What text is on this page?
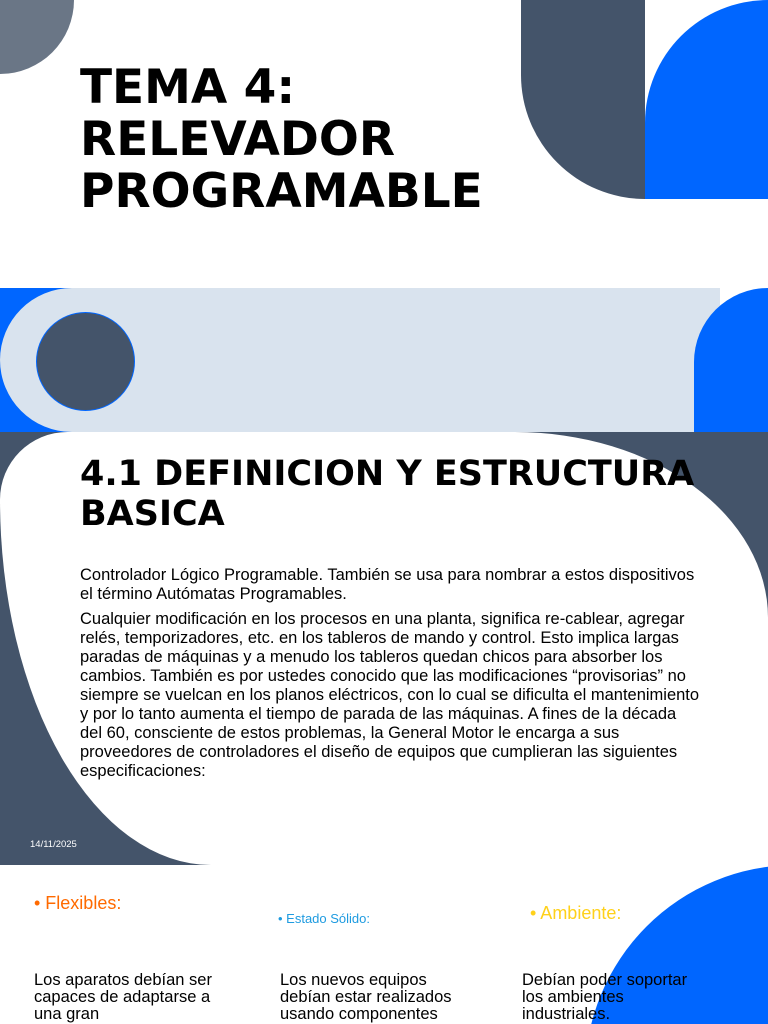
TEMA 4: RELEVADOR PROGRAMABLE
4.1 DEFINICION Y ESTRUCTURA BASICA

Controlador Lógico Programable. También se usa para nombrar a estos dispositivos el término Autómatas Programables.

Cualquier modificación en los procesos en una planta, significa re-cablear, agregar relés, temporizadores, etc. en los tableros de mando y control. Esto implica largas paradas de máquinas y a menudo los tableros quedan chicos para absorber los cambios. También es por ustedes conocido que las modificaciones “provisorias” no siempre se vuelcan en los planos eléctricos, con lo cual se dificulta el mantenimiento y por lo tanto aumenta el tiempo de parada de las máquinas. A fines de la década del 60, consciente de estos problemas, la General Motor le encarga a sus proveedores de controladores el diseño de equipos que cumplieran las siguientes especificaciones:

14/11/2025	TÍTULO DE LA PRESENTACIÓN	2
• Flexibles:
• Estado Sólido:	• Ambiente:
Los aparatos debían ser capaces de adaptarse a una gran
Los nuevos equipos debían estar realizados usando componentes
Debían poder soportar los ambientes industriales.
